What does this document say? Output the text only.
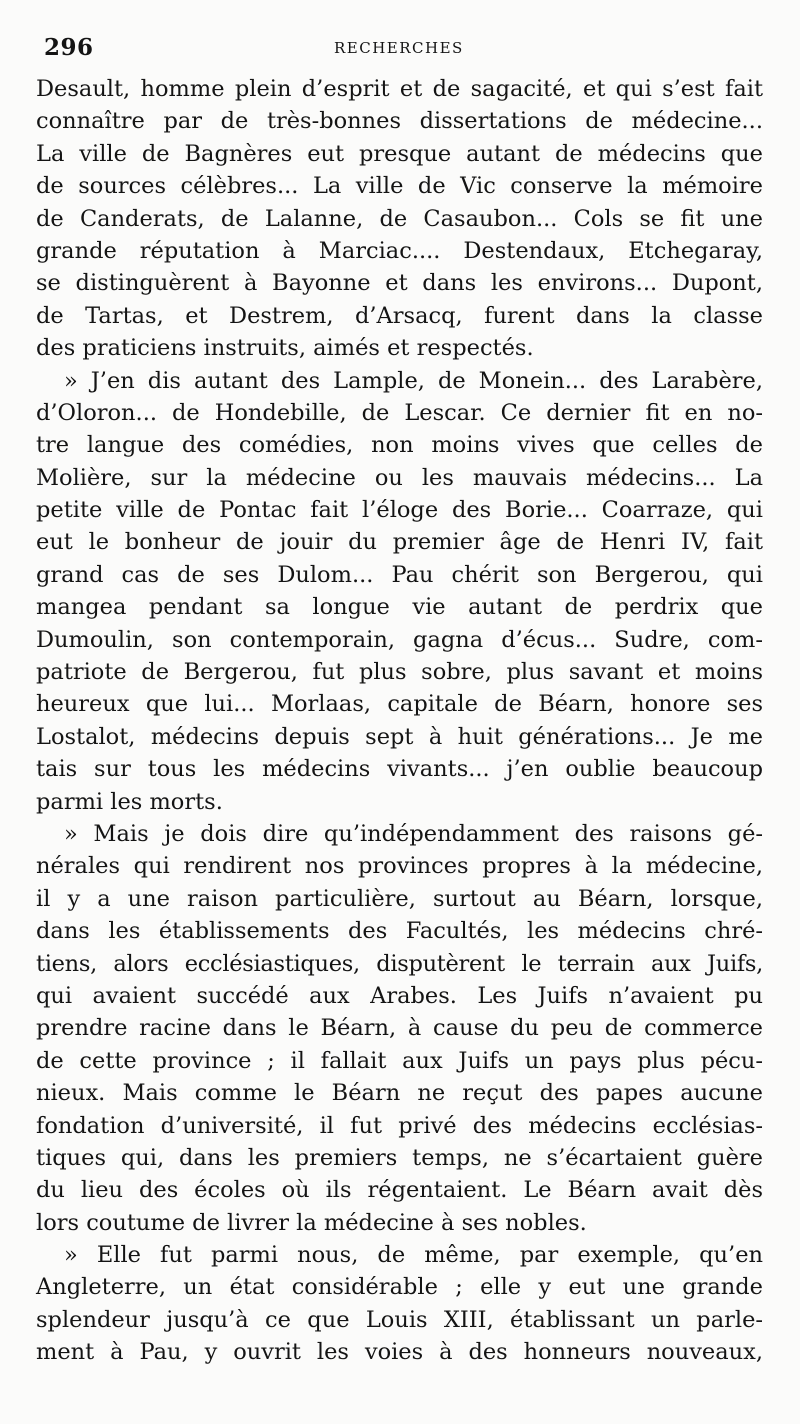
296	RECHERCHES
Desault, homme plein d’esprit et de sagacité, et qui s’est fait
connaître par de très-bonnes dissertations de médecine...
La ville de Bagnères eut presque autant de médecins que
de sources célèbres... La ville de Vic conserve la mémoire
de Canderats, de Lalanne, de Casaubon... Cols se fit une
grande réputation à Marciac.... Destendaux, Etchegaray,
se distinguèrent à Bayonne et dans les environs... Dupont,
de Tartas, et Destrem, d’Arsacq, furent dans la classe
des praticiens instruits, aimés et respectés.
» J’en dis autant des Lample, de Monein... des Larabère,
d’Oloron... de Hondebille, de Lescar. Ce dernier fit en no-
tre langue des comédies, non moins vives que celles de
Molière, sur la médecine ou les mauvais médecins... La
petite ville de Pontac fait l’éloge des Borie... Coarraze, qui
eut le bonheur de jouir du premier âge de Henri IV, fait
grand cas de ses Dulom... Pau chérit son Bergerou, qui
mangea pendant sa longue vie autant de perdrix que
Dumoulin, son contemporain, gagna d’écus... Sudre, com-
patriote de Bergerou, fut plus sobre, plus savant et moins
heureux que lui... Morlaas, capitale de Béarn, honore ses
Lostalot, médecins depuis sept à huit générations... Je me
tais sur tous les médecins vivants... j’en oublie beaucoup
parmi les morts.
» Mais je dois dire qu’indépendamment des raisons gé-
nérales qui rendirent nos provinces propres à la médecine,
il y a une raison particulière, surtout au Béarn, lorsque,
dans les établissements des Facultés, les médecins chré-
tiens, alors ecclésiastiques, disputèrent le terrain aux Juifs,
qui avaient succédé aux Arabes. Les Juifs n’avaient pu
prendre racine dans le Béarn, à cause du peu de commerce
de cette province ; il fallait aux Juifs un pays plus pécu-
nieux. Mais comme le Béarn ne reçut des papes aucune
fondation d’université, il fut privé des médecins ecclésias-
tiques qui, dans les premiers temps, ne s’écartaient guère
du lieu des écoles où ils régentaient. Le Béarn avait dès
lors coutume de livrer la médecine à ses nobles.
» Elle fut parmi nous, de même, par exemple, qu’en
Angleterre, un état considérable ; elle y eut une grande
splendeur jusqu’à ce que Louis XIII, établissant un parle-
ment à Pau, y ouvrit les voies à des honneurs nouveaux,
